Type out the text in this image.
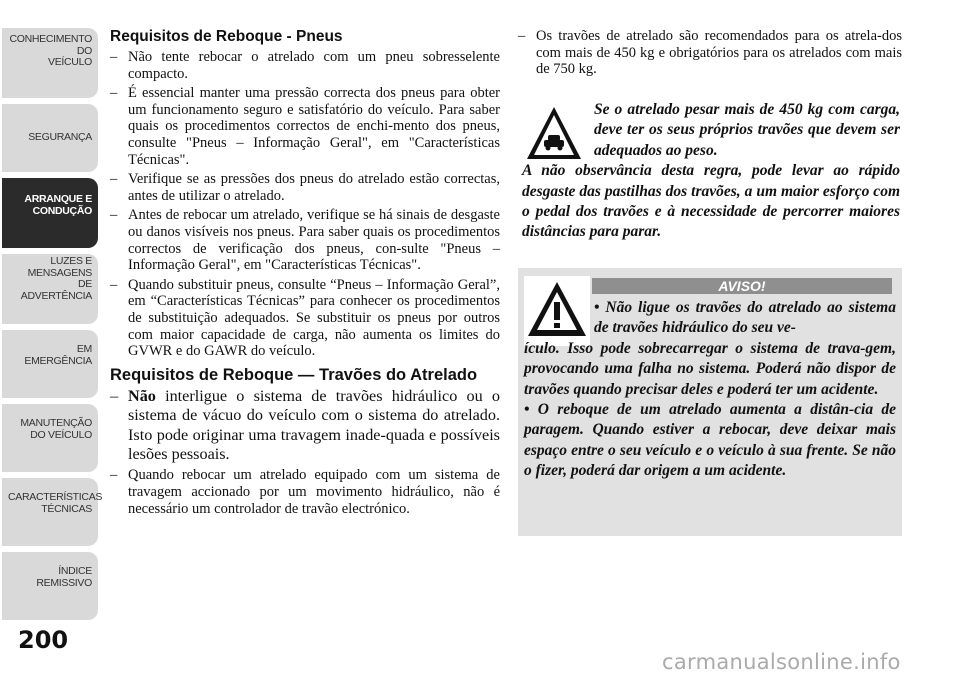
CONHECIMENTO
DO
VEÍCULO
SEGURANÇA
ARRANQUE E
CONDUÇÃO
LUZES E
MENSAGENS
DE
ADVERTÊNCIA
EM
EMERGÊNCIA
MANUTENÇÃO
DO VEÍCULO
CARACTERÍSTICAS
TÉCNICAS
ÍNDICE
REMISSIVO
200
Requisitos de Reboque - Pneus
– Não tente rebocar o atrelado com um pneu sobresselente compacto.
– É essencial manter uma pressão correcta dos pneus para obter um funcionamento seguro e satisfatório do veículo. Para saber quais os procedimentos correctos de enchi-mento dos pneus, consulte "Pneus – Informação Geral", em "Características Técnicas".
– Verifique se as pressões dos pneus do atrelado estão correctas, antes de utilizar o atrelado.
– Antes de rebocar um atrelado, verifique se há sinais de desgaste ou danos visíveis nos pneus. Para saber quais os procedimentos correctos de verificação dos pneus, con-sulte "Pneus – Informação Geral", em "Características Técnicas".
– Quando substituir pneus, consulte “Pneus – Informação Geral”, em “Características Técnicas” para conhecer os procedimentos de substituição adequados. Se substituir os pneus por outros com maior capacidade de carga, não aumenta os limites do GVWR e do GAWR do veículo.
Requisitos de Reboque — Travões do Atrelado
– Não interligue o sistema de travões hidráulico ou o sistema de vácuo do veículo com o sistema do atrelado. Isto pode originar uma travagem inade-quada e possíveis lesões pessoais.
– Quando rebocar um atrelado equipado com um sistema de travagem accionado por um movimento hidráulico, não é necessário um controlador de travão electrónico.
– Os travões de atrelado são recomendados para os atrela-dos com mais de 450 kg e obrigatórios para os atrelados com mais de 750 kg.
Se o atrelado pesar mais de 450 kg com carga, deve ter os seus próprios travões que devem ser adequados ao peso.
A não observância desta regra, pode levar ao rápido desgaste das pastilhas dos travões, a um maior esforço com o pedal dos travões e à necessidade de percorrer maiores distâncias para parar.
AVISO!

• Não ligue os travões do atrelado ao sistema de travões hidráulico do seu ve-
ículo. Isso pode sobrecarregar o sistema de trava-gem, provocando uma falha no sistema. Poderá não dispor de travões quando precisar deles e poderá ter um acidente.

• O reboque de um atrelado aumenta a distân-cia de paragem. Quando estiver a rebocar, deve deixar mais espaço entre o seu veículo e o veículo à sua frente. Se não o fizer, poderá dar origem a um acidente.

carmanualsonline.info
